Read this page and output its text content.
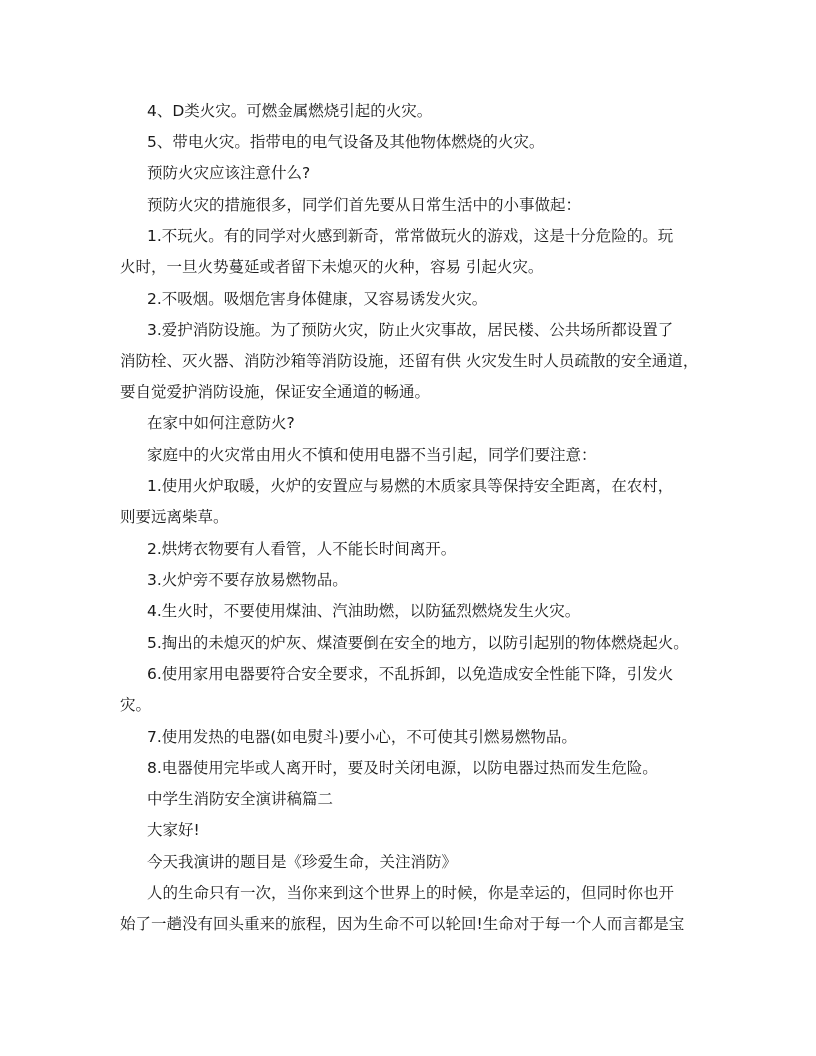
4、D类火灾。可燃金属燃烧引起的火灾。

5、带电火灾。指带电的电气设备及其他物体燃烧的火灾。

预防火灾应该注意什么?

预防火灾的措施很多，同学们首先要从日常生活中的小事做起：

1.不玩火。有的同学对火感到新奇，常常做玩火的游戏，这是十分危险的。玩
火时，一旦火势蔓延或者留下未熄灭的火种，容易 引起火灾。

2.不吸烟。吸烟危害身体健康，又容易诱发火灾。

3.爱护消防设施。为了预防火灾，防止火灾事故，居民楼、公共场所都设置了
消防栓、灭火器、消防沙箱等消防设施，还留有供 火灾发生时人员疏散的安全通道，
要自觉爱护消防设施，保证安全通道的畅通。

在家中如何注意防火?

家庭中的火灾常由用火不慎和使用电器不当引起，同学们要注意：

1.使用火炉取暖，火炉的安置应与易燃的木质家具等保持安全距离，在农村，
则要远离柴草。

2.烘烤衣物要有人看管，人不能长时间离开。

3.火炉旁不要存放易燃物品。

4.生火时，不要使用煤油、汽油助燃，以防猛烈燃烧发生火灾。

5.掏出的未熄灭的炉灰、煤渣要倒在安全的地方，以防引起别的物体燃烧起火。

6.使用家用电器要符合安全要求，不乱拆卸，以免造成安全性能下降，引发火
灾。

7.使用发热的电器(如电熨斗)要小心，不可使其引燃易燃物品。

8.电器使用完毕或人离开时，要及时关闭电源，以防电器过热而发生危险。

中学生消防安全演讲稿篇二

大家好!

今天我演讲的题目是《珍爱生命，关注消防》

人的生命只有一次，当你来到这个世界上的时候，你是幸运的，但同时你也开
始了一趟没有回头重来的旅程，因为生命不可以轮回!生命对于每一个人而言都是宝
